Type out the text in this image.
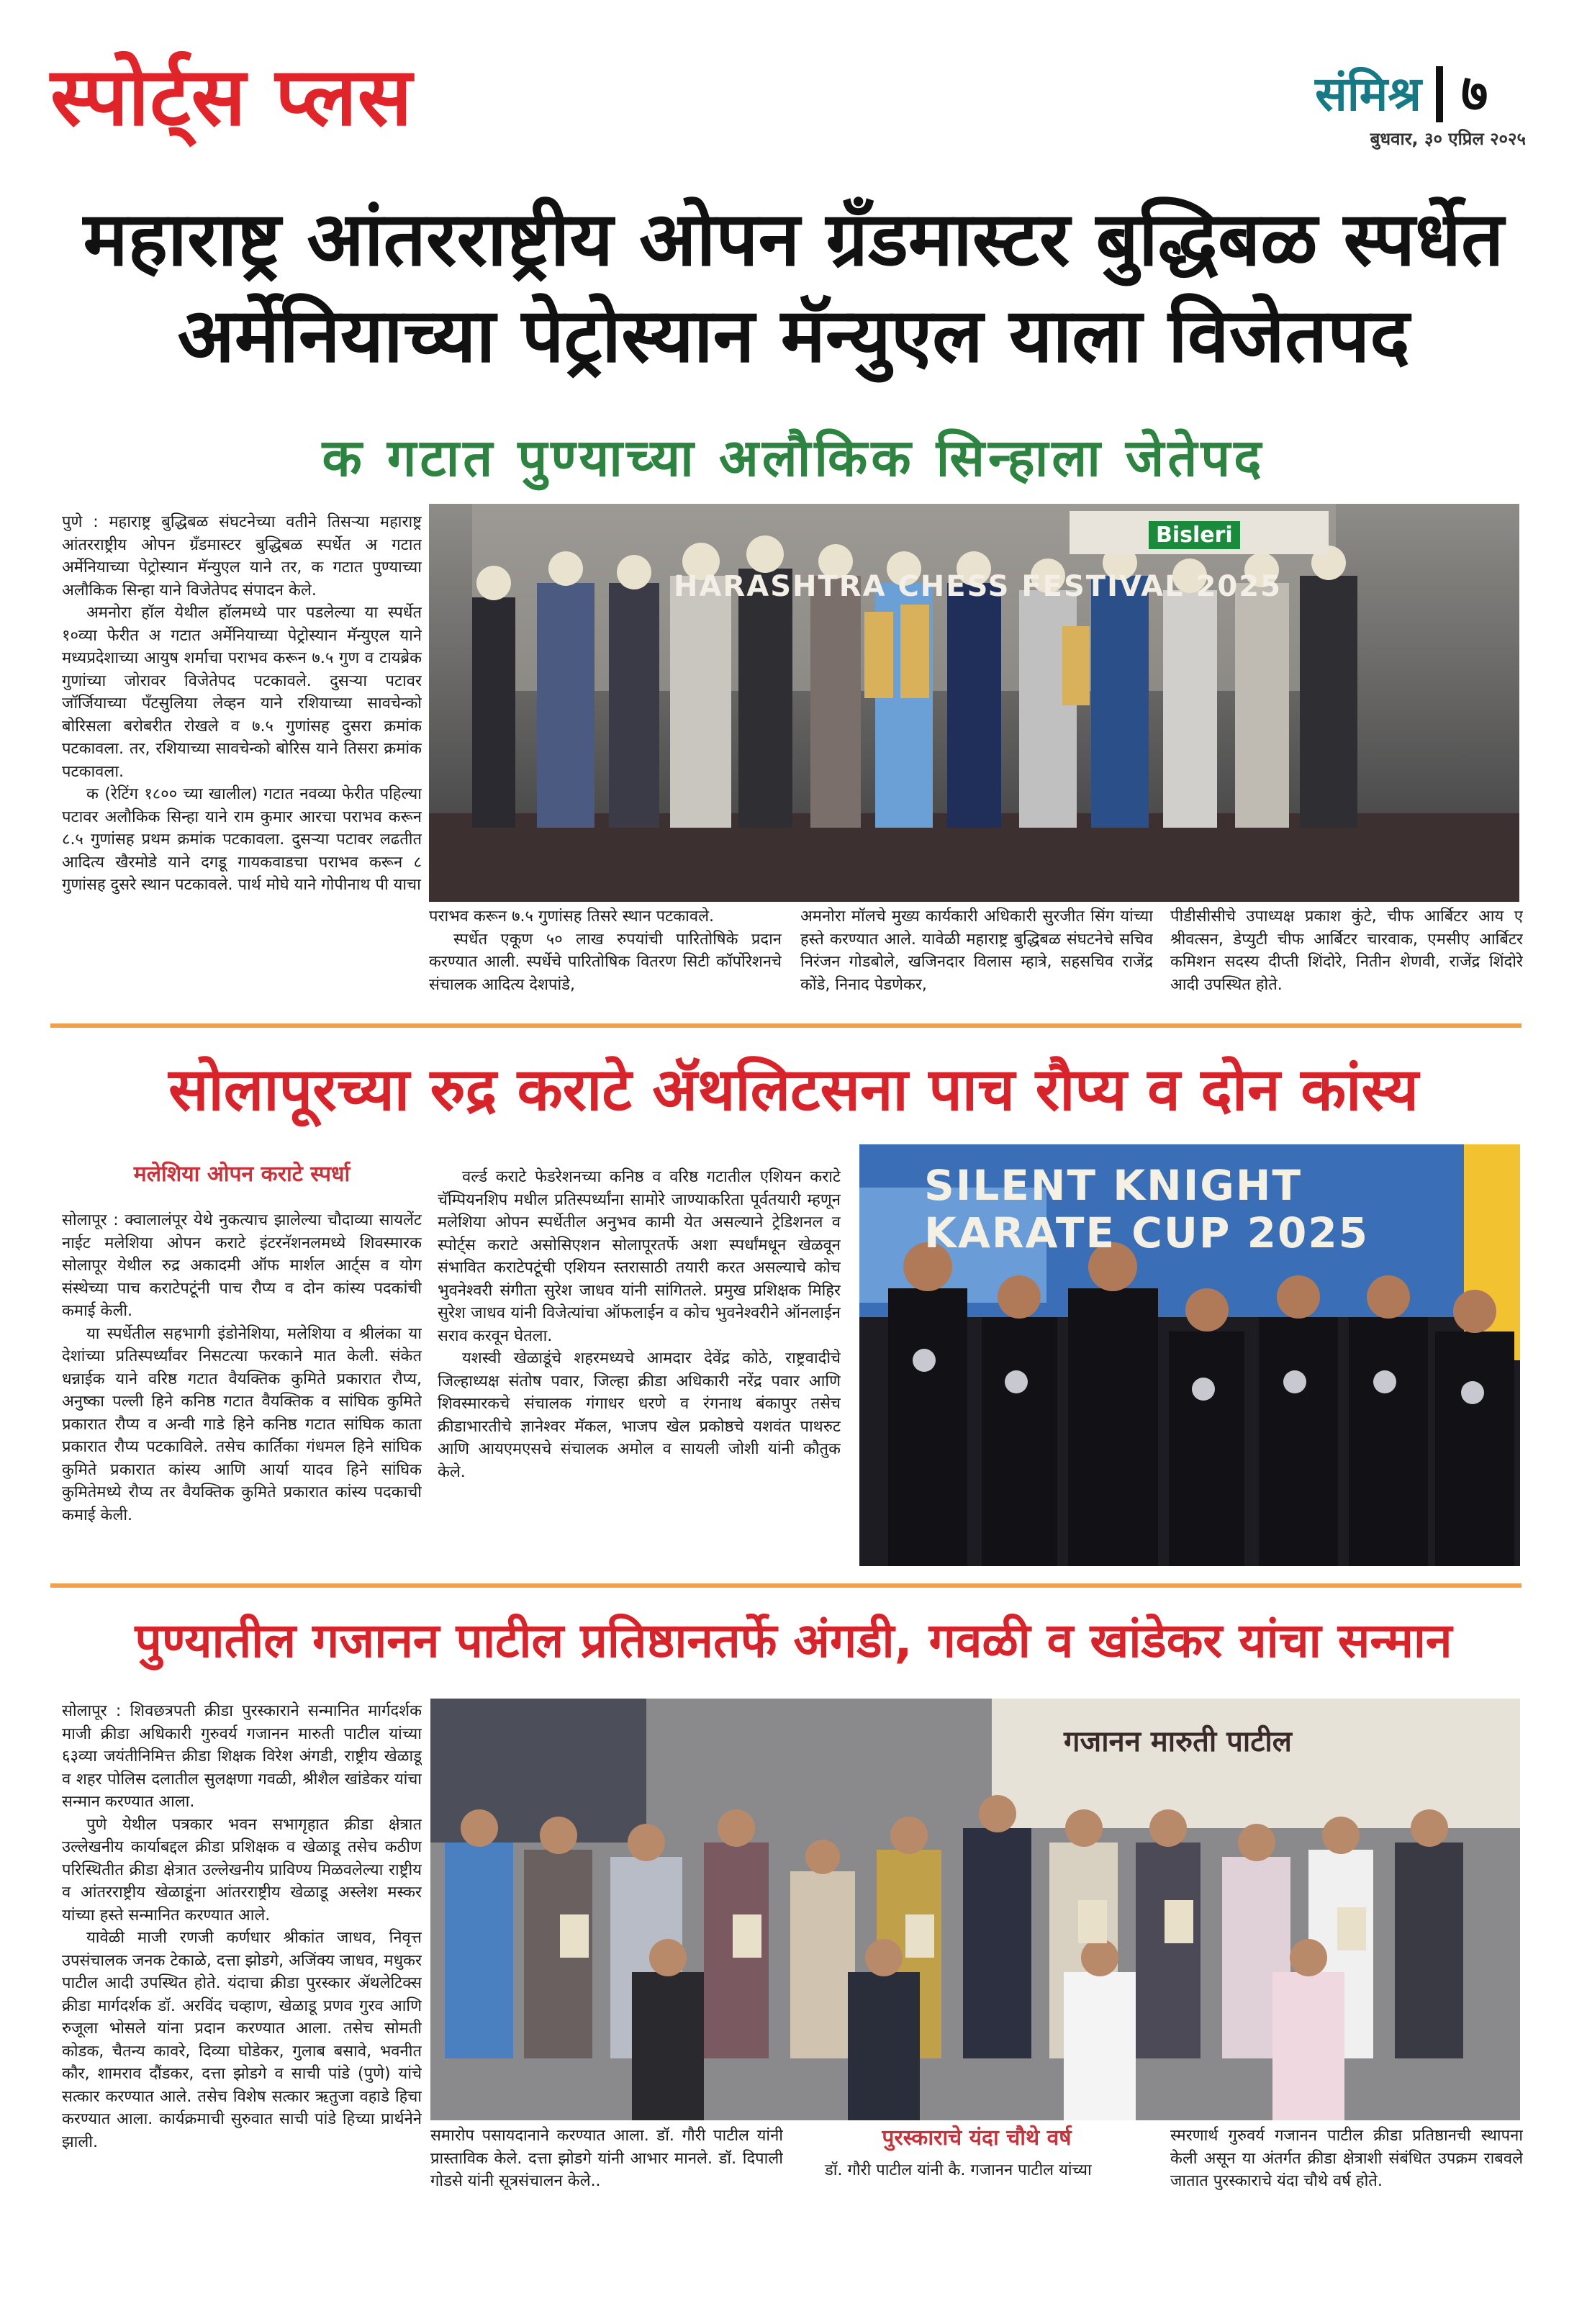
स्पोर्ट्स प्लस	संमिश्र ७
बुधवार, ३० एप्रिल २०२५
महाराष्ट्र आंतरराष्ट्रीय ओपन ग्रँडमास्टर बुद्धिबळ स्पर्धेत
अर्मेनियाच्या पेट्रोस्यान मॅन्युएल याला विजेतपद
क गटात पुण्याच्या अलौकिक सिन्हाला जेतेपद

पुणे : महाराष्ट्र बुद्धिबळ संघटनेच्या वतीने तिसऱ्या महाराष्ट्र आंतरराष्ट्रीय ओपन ग्रँडमास्टर बुद्धिबळ स्पर्धेत अ गटात अर्मेनियाच्या पेट्रोस्यान मॅन्युएल याने तर, क गटात पुण्याच्या अलौकिक सिन्हा याने विजेतेपद संपादन केले.

अमनोरा हॉल येथील हॉलमध्ये पार पडलेल्या या स्पर्धेत १०व्या फेरीत अ गटात अर्मेनियाच्या पेट्रोस्यान मॅन्युएल याने मध्यप्रदेशाच्या आयुष शर्माचा पराभव करून ७.५ गुण व टायब्रेक गुणांच्या जोरावर विजेतेपद पटकावले. दुसऱ्या पटावर जॉर्जियाच्या पँटसुलिया लेव्हन याने रशियाच्या सावचेन्को बोरिसला बरोबरीत रोखले व ७.५ गुणांसह दुसरा क्रमांक पटकावला. तर, रशियाच्या सावचेन्को बोरिस याने तिसरा क्रमांक पटकावला.

क (रेटिंग १८०० च्या खालील) गटात नवव्या फेरीत पहिल्या पटावर अलौकिक सिन्हा याने राम कुमार आरचा पराभव करून ८.५ गुणांसह प्रथम क्रमांक पटकावला. दुसऱ्या पटावर लढतीत आदित्य खैरमोडे याने दगडू गायकवाडचा पराभव करून ८ गुणांसह दुसरे स्थान पटकावले. पार्थ मोघे याने गोपीनाथ पी याचा

HARASHTRA CHESS FESTIVAL 2025
Bisleri

पराभव करून ७.५ गुणांसह तिसरे स्थान पटकावले.

स्पर्धेत एकूण ५० लाख रुपयांची पारितोषिके प्रदान करण्यात आली. स्पर्धेचे पारितोषिक वितरण सिटी कॉर्पोरेशनचे संचालक आदित्य देशपांडे,

अमनोरा मॉलचे मुख्य कार्यकारी अधिकारी सुरजीत सिंग यांच्या हस्ते करण्यात आले. यावेळी महाराष्ट्र बुद्धिबळ संघटनेचे सचिव निरंजन गोडबोले, खजिनदार विलास म्हात्रे, सहसचिव राजेंद्र कोंडे, निनाद पेडणेकर,

पीडीसीसीचे उपाध्यक्ष प्रकाश कुंटे, चीफ आर्बिटर आय ए श्रीवत्सन, डेप्युटी चीफ आर्बिटर चारवाक, एमसीए आर्बिटर कमिशन सदस्य दीप्ती शिंदोरे, नितीन शेणवी, राजेंद्र शिंदोरे आदी उपस्थित होते.

सोलापूरच्या रुद्र कराटे ॲथलिटसना पाच रौप्य व दोन कांस्य
मलेशिया ओपन कराटे स्पर्धा

सोलापूर : क्वालालंपूर येथे नुकत्याच झालेल्या चौदाव्या सायलेंट नाईट मलेशिया ओपन कराटे इंटरनॅशनलमध्ये शिवस्मारक सोलापूर येथील रुद्र अकादमी ऑफ मार्शल आर्ट्स व योग संस्थेच्या पाच कराटेपटूंनी पाच रौप्य व दोन कांस्य पदकांची कमाई केली.

या स्पर्धेतील सहभागी इंडोनेशिया, मलेशिया व श्रीलंका या देशांच्या प्रतिस्पर्ध्यांवर निसटत्या फरकाने मात केली. संकेत धन्नाईक याने वरिष्ठ गटात वैयक्तिक कुमिते प्रकारात रौप्य, अनुष्का पल्ली हिने कनिष्ठ गटात वैयक्तिक व सांघिक कुमिते प्रकारात रौप्य व अन्वी गाडे हिने कनिष्ठ गटात सांघिक काता प्रकारात रौप्य पटकाविले. तसेच कार्तिका गंधमल हिने सांघिक कुमिते प्रकारात कांस्य आणि आर्या यादव हिने सांघिक कुमितेमध्ये रौप्य तर वैयक्तिक कुमिते प्रकारात कांस्य पदकाची कमाई केली.

वर्ल्ड कराटे फेडरेशनच्या कनिष्ठ व वरिष्ठ गटातील एशियन कराटे चॅम्पियनशिप मधील प्रतिस्पर्ध्यांना सामोरे जाण्याकरिता पूर्वतयारी म्हणून मलेशिया ओपन स्पर्धेतील अनुभव कामी येत असल्याने ट्रेडिशनल व स्पोर्ट्स कराटे असोसिएशन सोलापूरतर्फे अशा स्पर्धांमधून खेळवून संभावित कराटेपटूंची एशियन स्तरासाठी तयारी करत असल्याचे कोच भुवनेश्वरी संगीता सुरेश जाधव यांनी सांगितले. प्रमुख प्रशिक्षक मिहिर सुरेश जाधव यांनी विजेत्यांचा ऑफलाईन व कोच भुवनेश्वरीने ऑनलाईन सराव करवून घेतला.

यशस्वी खेळाडूंचे शहरमध्यचे आमदार देवेंद्र कोठे, राष्ट्रवादीचे जिल्हाध्यक्ष संतोष पवार, जिल्हा क्रीडा अधिकारी नरेंद्र पवार आणि शिवस्मारकचे संचालक गंगाधर धरणे व रंगनाथ बंकापुर तसेच क्रीडाभारतीचे ज्ञानेश्वर मॅकल, भाजप खेल प्रकोष्ठचे यशवंत पाथरुट आणि आयएमएसचे संचालक अमोल व सायली जोशी यांनी कौतुक केले.

SILENT KNIGHT KARATE CUP 2025
पुण्यातील गजानन पाटील प्रतिष्ठानतर्फे अंगडी, गवळी व खांडेकर यांचा सन्मान

सोलापूर : शिवछत्रपती क्रीडा पुरस्काराने सन्मानित मार्गदर्शक माजी क्रीडा अधिकारी गुरुवर्य गजानन मारुती पाटील यांच्या ६३व्या जयंतीनिमित्त क्रीडा शिक्षक विरेश अंगडी, राष्ट्रीय खेळाडू व शहर पोलिस दलातील सुलक्षणा गवळी, श्रीशैल खांडेकर यांचा सन्मान करण्यात आला.

पुणे येथील पत्रकार भवन सभागृहात क्रीडा क्षेत्रात उल्लेखनीय कार्याबद्दल क्रीडा प्रशिक्षक व खेळाडू तसेच कठीण परिस्थितीत क्रीडा क्षेत्रात उल्लेखनीय प्राविण्य मिळवलेल्या राष्ट्रीय व आंतरराष्ट्रीय खेळाडूंना आंतरराष्ट्रीय खेळाडू अस्लेश मस्कर यांच्या हस्ते सन्मानित करण्यात आले.

यावेळी माजी रणजी कर्णधार श्रीकांत जाधव, निवृत्त उपसंचालक जनक टेकाळे, दत्ता झोडगे, अजिंक्य जाधव, मधुकर पाटील आदी उपस्थित होते. यंदाचा क्रीडा पुरस्कार ॲथलेटिक्स क्रीडा मार्गदर्शक डॉ. अरविंद चव्हाण, खेळाडू प्रणव गुरव आणि रुजूला भोसले यांना प्रदान करण्यात आला. तसेच सोमती कोडक, चैतन्य कावरे, दिव्या घोडेकर, गुलाब बसावे, भवनीत कौर, शामराव दौंडकर, दत्ता झोडगे व साची पांडे (पुणे) यांचे सत्कार करण्यात आले. तसेच विशेष सत्कार ऋतुजा वहाडे हिचा करण्यात आला. कार्यक्रमाची सुरुवात साची पांडे हिच्या प्रार्थनेने झाली.

गजानन मारुती पाटील

समारोप पसायदानाने करण्यात आला. डॉ. गौरी पाटील यांनी प्रास्ताविक केले. दत्ता झोडगे यांनी आभार मानले. डॉ. दिपाली गोडसे यांनी सूत्रसंचालन केले..

पुरस्काराचे यंदा चौथे वर्ष

डॉ. गौरी पाटील यांनी कै. गजानन पाटील यांच्या

स्मरणार्थ गुरुवर्य गजानन पाटील क्रीडा प्रतिष्ठानची स्थापना केली असून या अंतर्गत क्रीडा क्षेत्राशी संबंधित उपक्रम राबवले जातात पुरस्काराचे यंदा चौथे वर्ष होते.
